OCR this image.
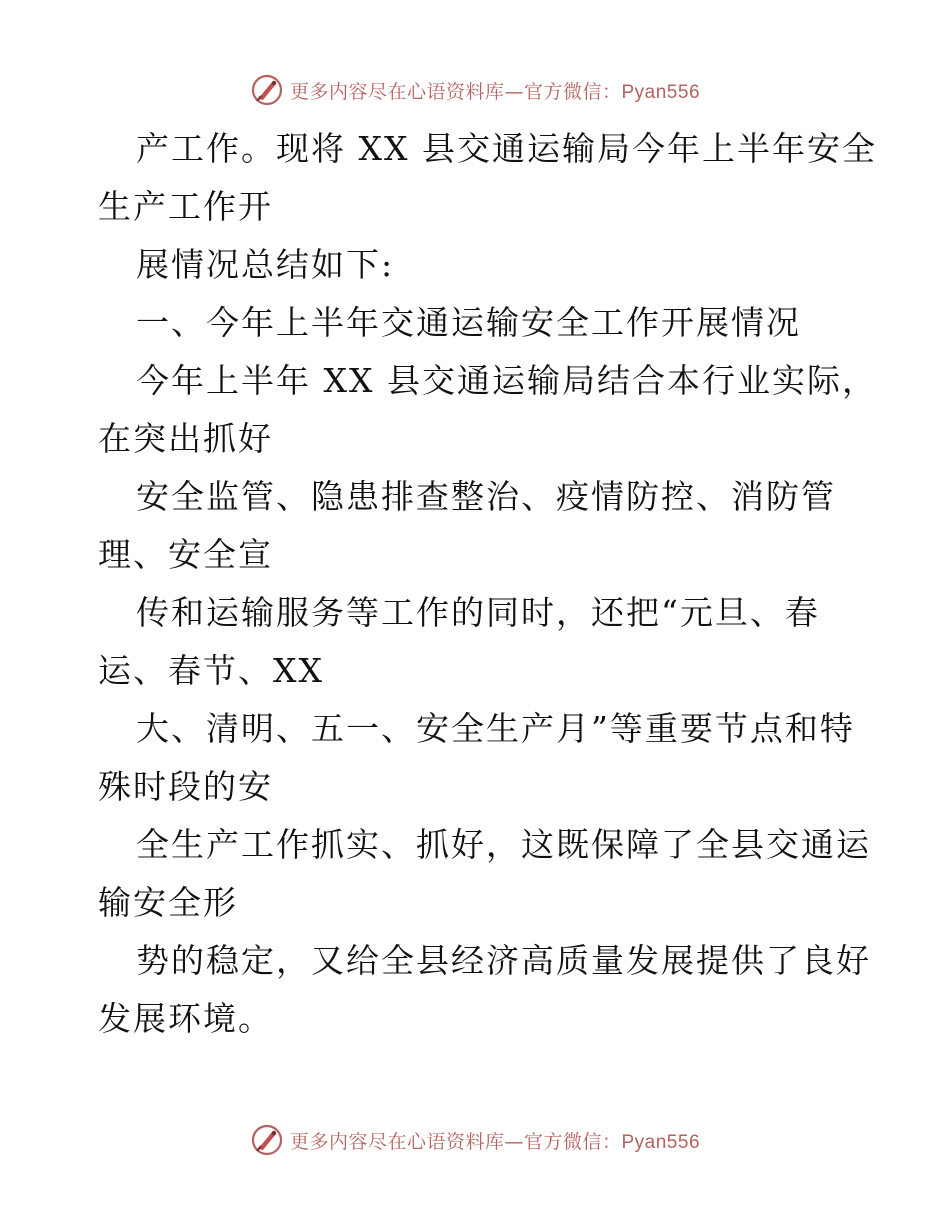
更多内容尽在心语资料库—官方微信：Pyan556
产工作。现将 XX 县交通运输局今年上半年安全
生产工作开
展情况总结如下:
一、今年上半年交通运输安全工作开展情况
今年上半年 XX 县交通运输局结合本行业实际，
在突出抓好
安全监管、隐患排查整治、疫情防控、消防管
理、安全宣
传和运输服务等工作的同时，还把“元旦、春
运、春节、XX
大、清明、五一、安全生产月”等重要节点和特
殊时段的安
全生产工作抓实、抓好，这既保障了全县交通运
输安全形
势的稳定，又给全县经济高质量发展提供了良好
发展环境。
更多内容尽在心语资料库—官方微信：Pyan556
